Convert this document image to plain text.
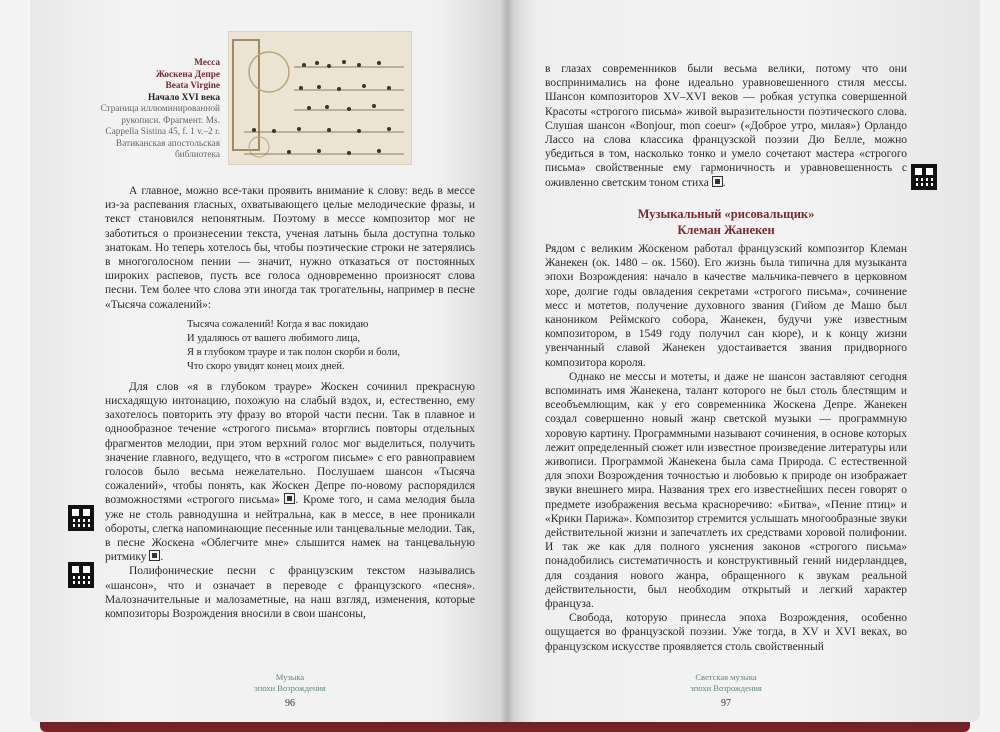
Месса
Жоскена Депре
Beata Virgine
Начало XVI века
Страница иллюминированной рукописи. Фрагмент. Ms. Cappella Sistina 45, f. 1 v.–2 r. Ватиканская апостольская библиотека

А главное, можно все-таки проявить внимание к слову: ведь в мессе из-за распевания гласных, охватывающего целые мелодические фразы, и текст становился непонятным. Поэтому в мессе композитор мог не заботиться о произнесении текста, ученая латынь была доступна только знатокам. Но теперь хотелось бы, чтобы поэтические строки не затерялись в многоголосном пении — значит, нужно отказаться от постоянных широких распевов, пусть все голоса одновременно произносят слова песни. Тем более что слова эти иногда так трогательны, например в песне «Тысяча сожалений»:

Тысяча сожалений! Когда я вас покидаю
И удаляюсь от вашего любимого лица,
Я в глубоком трауре и так полон скорби и боли,
Что скоро увидят конец моих дней.

Для слов «я в глубоком трауре» Жоскен сочинил прекрасную нисхадящую интонацию, похожую на слабый вздох, и, естественно, ему захотелось повторить эту фразу во второй части песни. Так в плавное и однообразное течение «строгого письма» вторглись повторы отдельных фрагментов мелодии, при этом верхний голос мог выделиться, получить значение главного, ведущего, что в «строгом письме» с его равноправием голосов было весьма нежелательно. Послушаем шансон «Тысяча сожалений», чтобы понять, как Жоскен Депре по-новому распорядился возможностями «строгого письма» . Кроме того, и сама мелодия была уже не столь равнодушна и нейтральна, как в мессе, в нее проникали обороты, слегка напоминающие песенные или танцевальные мелодии. Так, в песне Жоскена «Облегчите мне» слышится намек на танцевальную ритмику .

Полифонические песни с французским текстом назывались «шансон», что и означает в переводе с французского «песня». Малозначительные и малозаметные, на наш взгляд, изменения, которые композиторы Возрождения вносили в свои шансоны,

Музыка
эпохи Возрождения
96

в глазах современников были весьма велики, потому что они воспринимались на фоне идеально уравновешенного стиля мессы. Шансон композиторов XV–XVI веков — робкая уступка совершенной Красоты «строгого письма» живой выразительности поэтического слова. Слушая шансон «Bonjour, mon coeur» («Доброе утро, милая») Орландо Лассо на слова классика французской поэзии Дю Белле, можно убедиться в том, насколько тонко и умело сочетают мастера «строгого письма» свойственные ему гармоничность и уравновешенность с оживленно светским тоном стиха .

Музыкальный «рисовальщик»
Клеман Жанекен

Рядом с великим Жоскеном работал французский композитор Клеман Жанекен (ок. 1480 – ок. 1560). Его жизнь была типична для музыканта эпохи Возрождения: начало в качестве мальчика-певчего в церковном хоре, долгие годы овладения секретами «строгого письма», сочинение месс и мотетов, получение духовного звания (Гийом де Машо был каноником Реймского собора, Жанекен, будучи уже известным композитором, в 1549 году получил сан кюре), и к концу жизни увенчанный славой Жанекен удостаивается звания придворного композитора короля.

Однако не мессы и мотеты, и даже не шансон заставляют сегодня вспоминать имя Жанекена, талант которого не был столь блестящим и всеобъемлющим, как у его современника Жоскена Депре. Жанекен создал совершенно новый жанр светской музыки — программную хоровую картину. Программными называют сочинения, в основе которых лежит определенный сюжет или известное произведение литературы или живописи. Программой Жанекена была сама Природа. С естественной для эпохи Возрождения точностью и любовью к природе он изображает звуки внешнего мира. Названия трех его известнейших песен говорят о предмете изображения весьма красноречиво: «Битва», «Пение птиц» и «Крики Парижа». Композитор стремится услышать многообразные звуки действительной жизни и запечатлеть их средствами хоровой полифонии. И так же как для полного уяснения законов «строгого письма» понадобились систематичность и конструктивный гений нидерландцев, для создания нового жанра, обращенного к звукам реальной действительности, был необходим открытый и легкий характер француза.

Свобода, которую принесла эпоха Возрождения, особенно ощущается во французской поэзии. Уже тогда, в XV и XVI веках, во французском искусстве проявляется столь свойственный

Светская музыка
эпохи Возрождения
97
